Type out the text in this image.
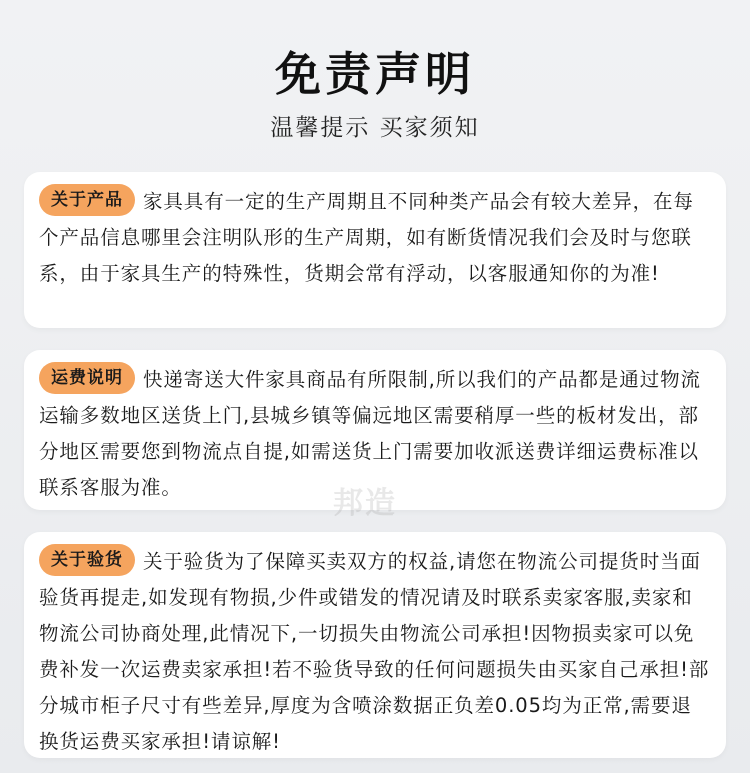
免责声明
温馨提示 买家须知
关于产品	家具具有一定的生产周期且不同种类产品会有较大差异，在每个产品信息哪里会注明队形的生产周期，如有断货情况我们会及时与您联系，由于家具生产的特殊性，货期会常有浮动，以客服通知你的为准!
运费说明	快递寄送大件家具商品有所限制,所以我们的产品都是通过物流运输多数地区送货上门,县城乡镇等偏远地区需要稍厚一些的板材发出，部分地区需要您到物流点自提,如需送货上门需要加收派送费详细运费标准以联系客服为准。	邦造
关于验货	关于验货为了保障买卖双方的权益,请您在物流公司提货时当面验货再提走,如发现有物损,少件或错发的情况请及时联系卖家客服,卖家和物流公司协商处理,此情况下,一切损失由物流公司承担!因物损卖家可以免费补发一次运费卖家承担!若不验货导致的任何问题损失由买家自己承担!部分城市柜子尺寸有些差异,厚度为含喷涂数据正负差0.05均为正常,需要退换货运费买家承担!请谅解!
